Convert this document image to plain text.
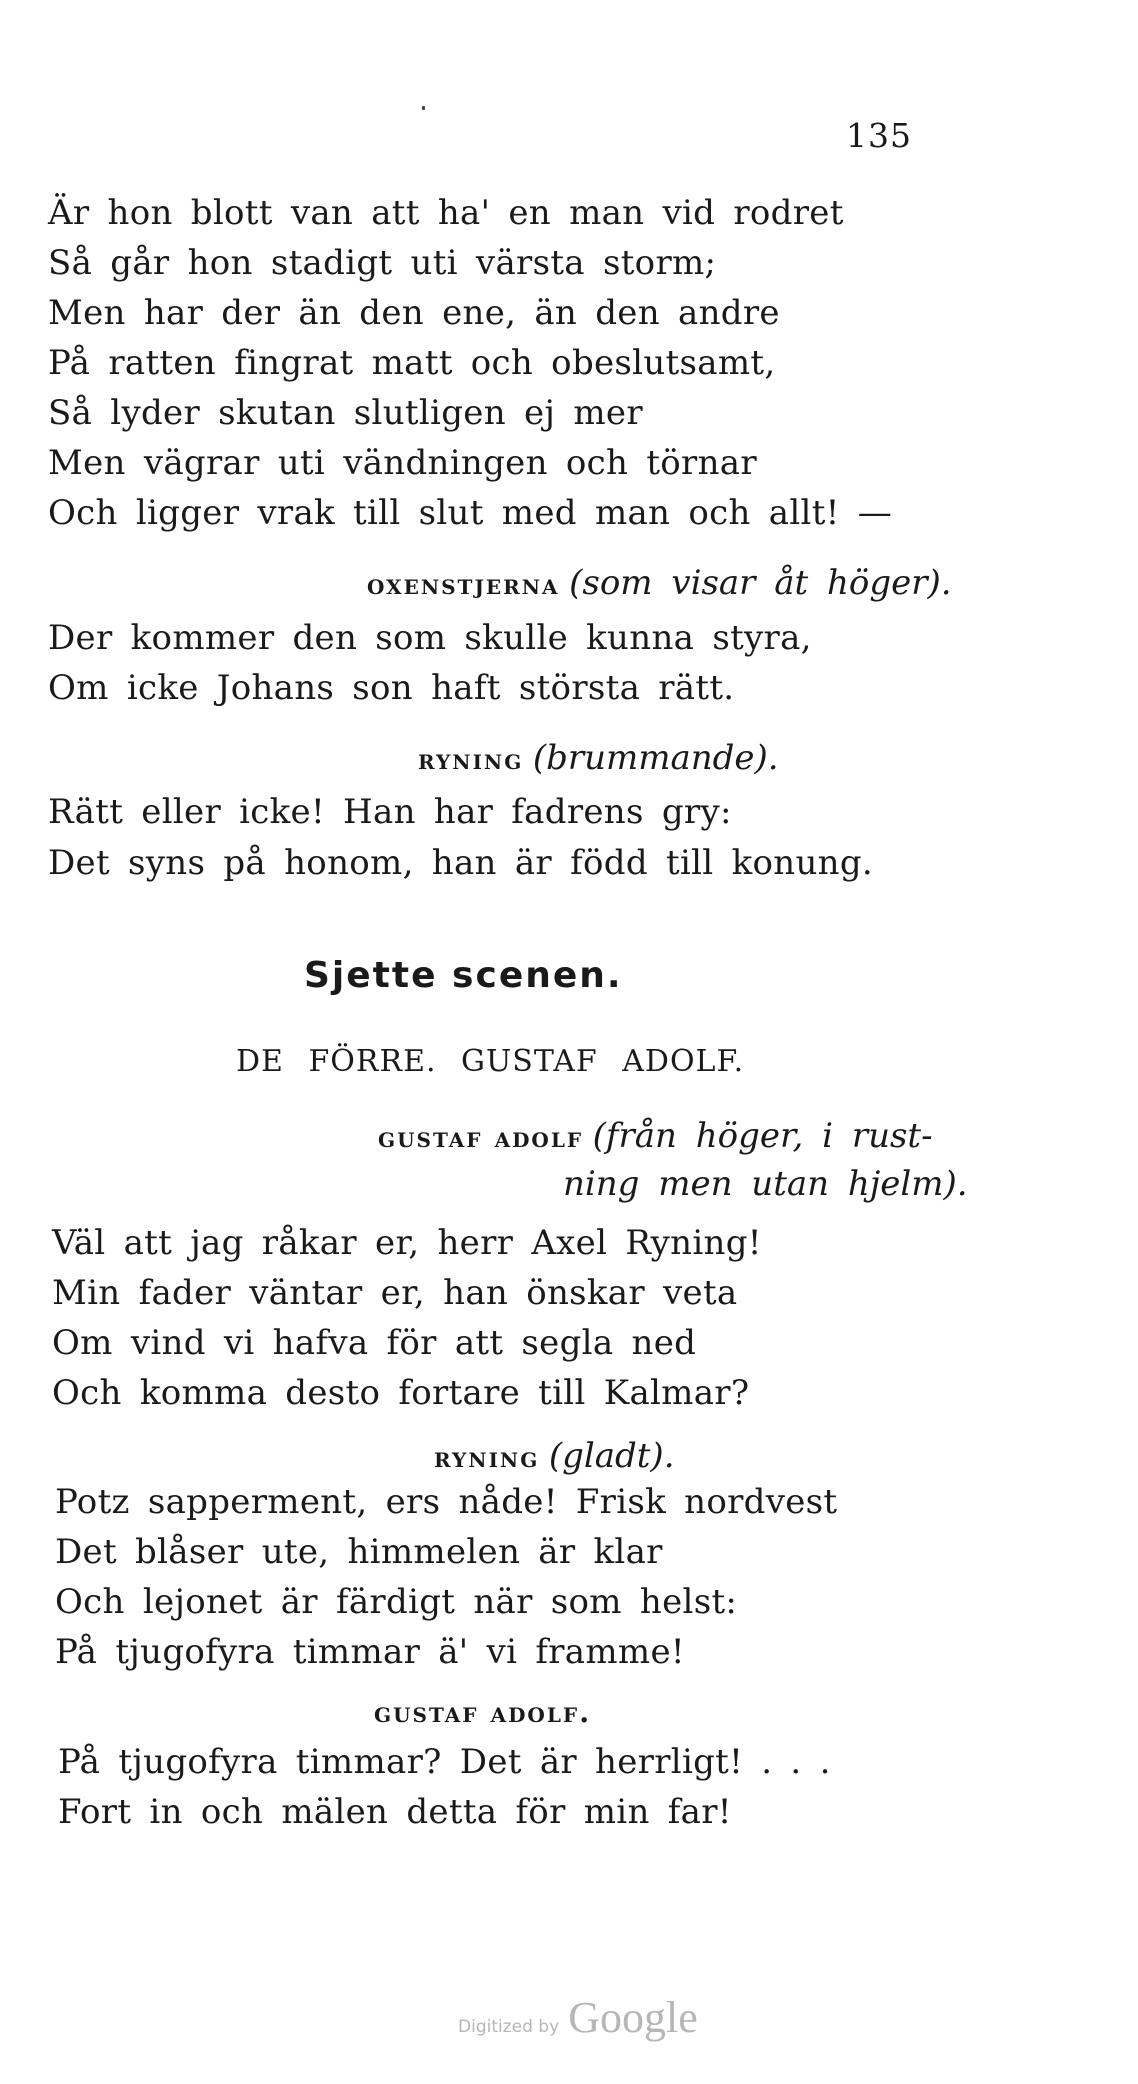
135
Är hon blott van att ha' en man vid rodret
Så går hon stadigt uti värsta storm;
Men har der än den ene, än den andre
På ratten fingrat matt och obeslutsamt,
Så lyder skutan slutligen ej mer
Men vägrar uti vändningen och törnar
Och ligger vrak till slut med man och allt! —
oxenstjerna (som visar åt höger).
Der kommer den som skulle kunna styra,
Om icke Johans son haft största rätt.
ryning (brummande).
Rätt eller icke! Han har fadrens gry:
Det syns på honom, han är född till konung.
Sjette scenen.
DE FÖRRE. GUSTAF ADOLF.
gustaf adolf (från höger, i rust-
ning men utan hjelm).
Väl att jag råkar er, herr Axel Ryning!
Min fader väntar er, han önskar veta
Om vind vi hafva för att segla ned
Och komma desto fortare till Kalmar?
ryning (gladt).
Potz sapperment, ers nåde! Frisk nordvest
Det blåser ute, himmelen är klar
Och lejonet är färdigt när som helst:
På tjugofyra timmar ä' vi framme!
gustaf adolf.
På tjugofyra timmar? Det är herrligt! . . .
Fort in och mälen detta för min far!
Digitized by Google
